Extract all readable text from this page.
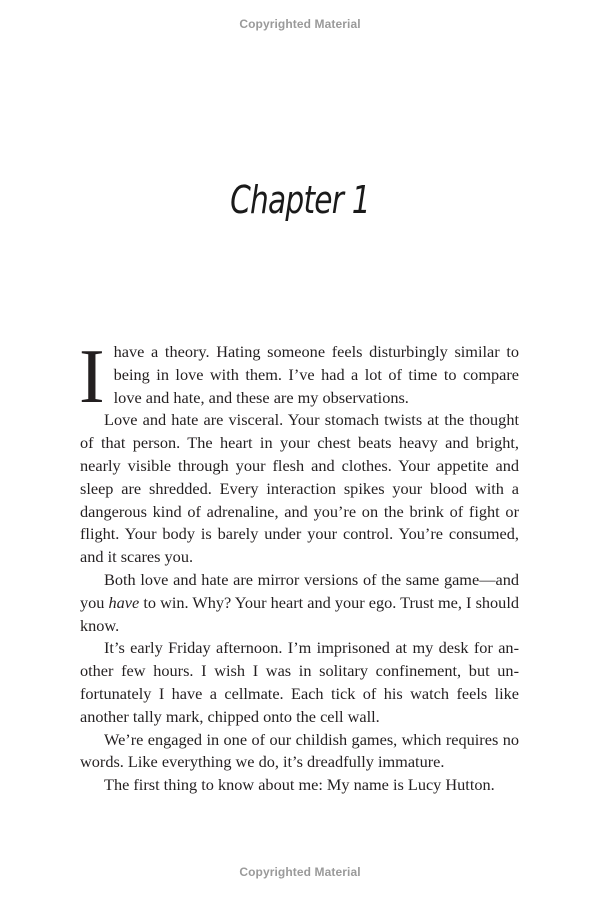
Copyrighted Material
Chapter 1

I have a theory. Hating someone feels disturbingly similar to being in love with them. I’ve had a lot of time to compare love and hate, and these are my observations.

Love and hate are visceral. Your stomach twists at the thought of that person. The heart in your chest beats heavy and bright, nearly visible through your flesh and clothes. Your appetite and sleep are shredded. Every interaction spikes your blood with a dangerous kind of adrenaline, and you’re on the brink of fight or flight. Your body is barely under your control. You’re consumed, and it scares you.

Both love and hate are mirror versions of the same game—and you have to win. Why? Your heart and your ego. Trust me, I should know.

It’s early Friday afternoon. I’m imprisoned at my desk for another few hours. I wish I was in solitary confinement, but unfortunately I have a cellmate. Each tick of his watch feels like another tally mark, chipped onto the cell wall.

We’re engaged in one of our childish games, which requires no words. Like everything we do, it’s dreadfully immature.

The first thing to know about me: My name is Lucy Hutton.

Copyrighted Material
